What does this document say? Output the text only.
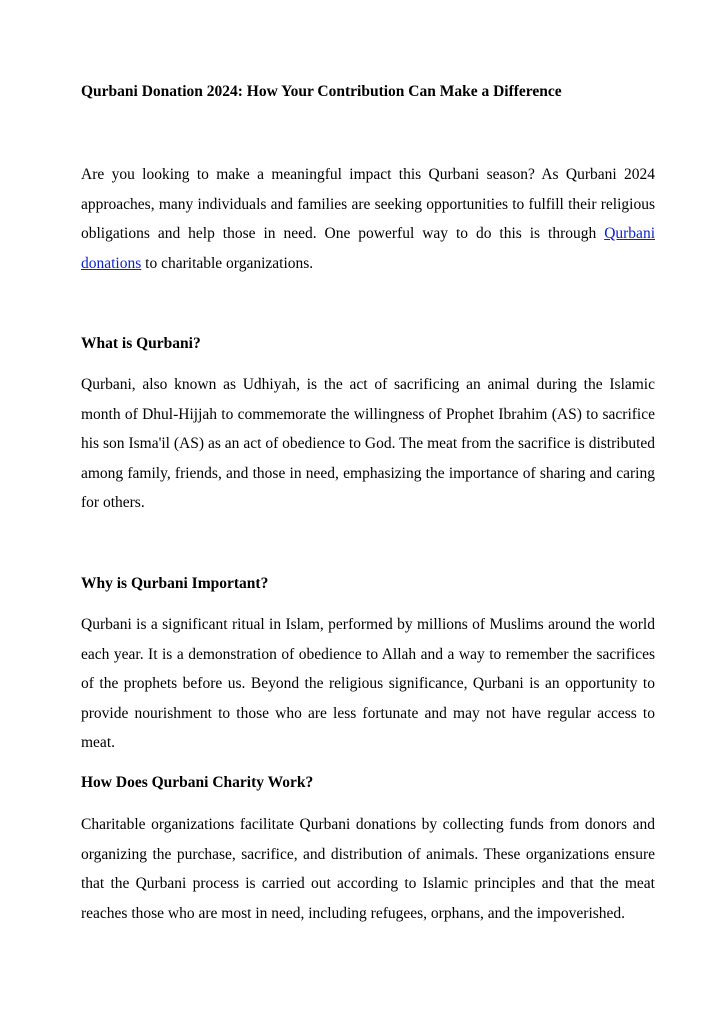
Qurbani Donation 2024: How Your Contribution Can Make a Difference

Are you looking to make a meaningful impact this Qurbani season? As Qurbani 2024 approaches, many individuals and families are seeking opportunities to fulfill their religious obligations and help those in need. One powerful way to do this is through Qurbani donations to charitable organizations.

What is Qurbani?

Qurbani, also known as Udhiyah, is the act of sacrificing an animal during the Islamic month of Dhul-Hijjah to commemorate the willingness of Prophet Ibrahim (AS) to sacrifice his son Isma'il (AS) as an act of obedience to God. The meat from the sacrifice is distributed among family, friends, and those in need, emphasizing the importance of sharing and caring for others.

Why is Qurbani Important?

Qurbani is a significant ritual in Islam, performed by millions of Muslims around the world each year. It is a demonstration of obedience to Allah and a way to remember the sacrifices of the prophets before us. Beyond the religious significance, Qurbani is an opportunity to provide nourishment to those who are less fortunate and may not have regular access to meat.

How Does Qurbani Charity Work?

Charitable organizations facilitate Qurbani donations by collecting funds from donors and organizing the purchase, sacrifice, and distribution of animals. These organizations ensure that the Qurbani process is carried out according to Islamic principles and that the meat reaches those who are most in need, including refugees, orphans, and the impoverished.
